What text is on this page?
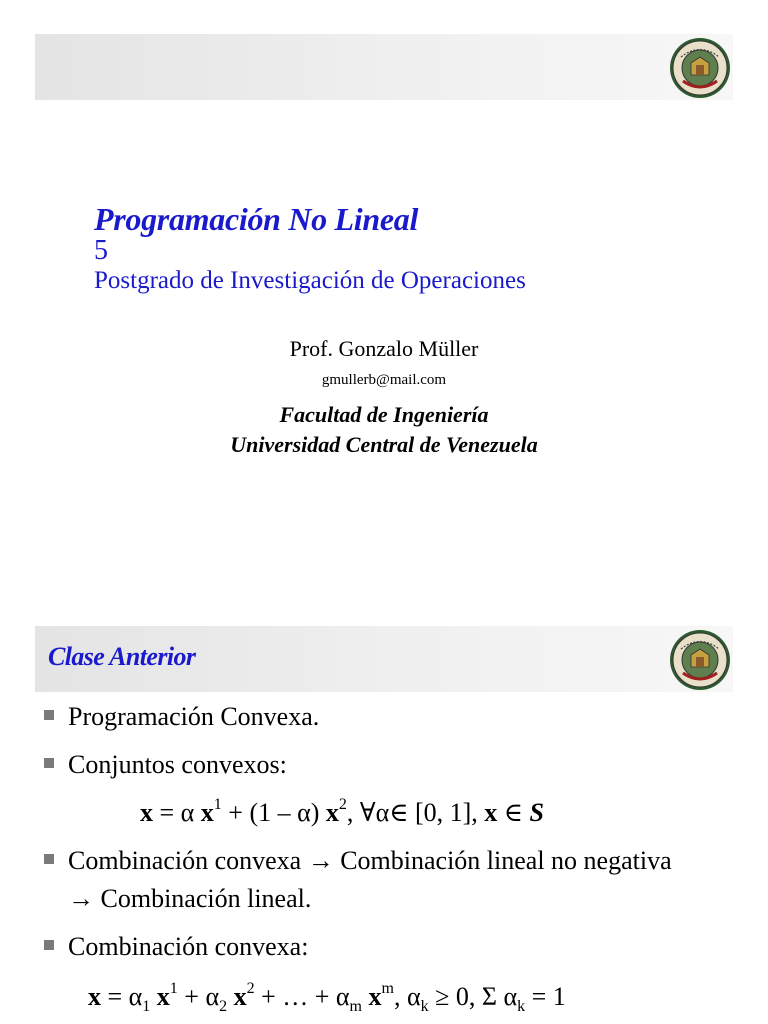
Programación No Lineal
5
Postgrado de Investigación de Operaciones
Prof. Gonzalo Müller
gmullerb@mail.com
Facultad de Ingeniería
Universidad Central de Venezuela
Clase Anterior
Programación Convexa.
Conjuntos convexos:
x = α $x^1 + (1 - \alpha)$ $x^2$, ∀α∈ [0, 1], x ∈ S
Combinación convexa → Combinación lineal no negativa → Combinación lineal.
Combinación convexa:
$x = \alpha_1$ $x^1 + \alpha_2$ $x^2$ + … + $\alpha_m$ $x^m$, $\alpha_k \ge 0$, Σ $\alpha_k = 1$
